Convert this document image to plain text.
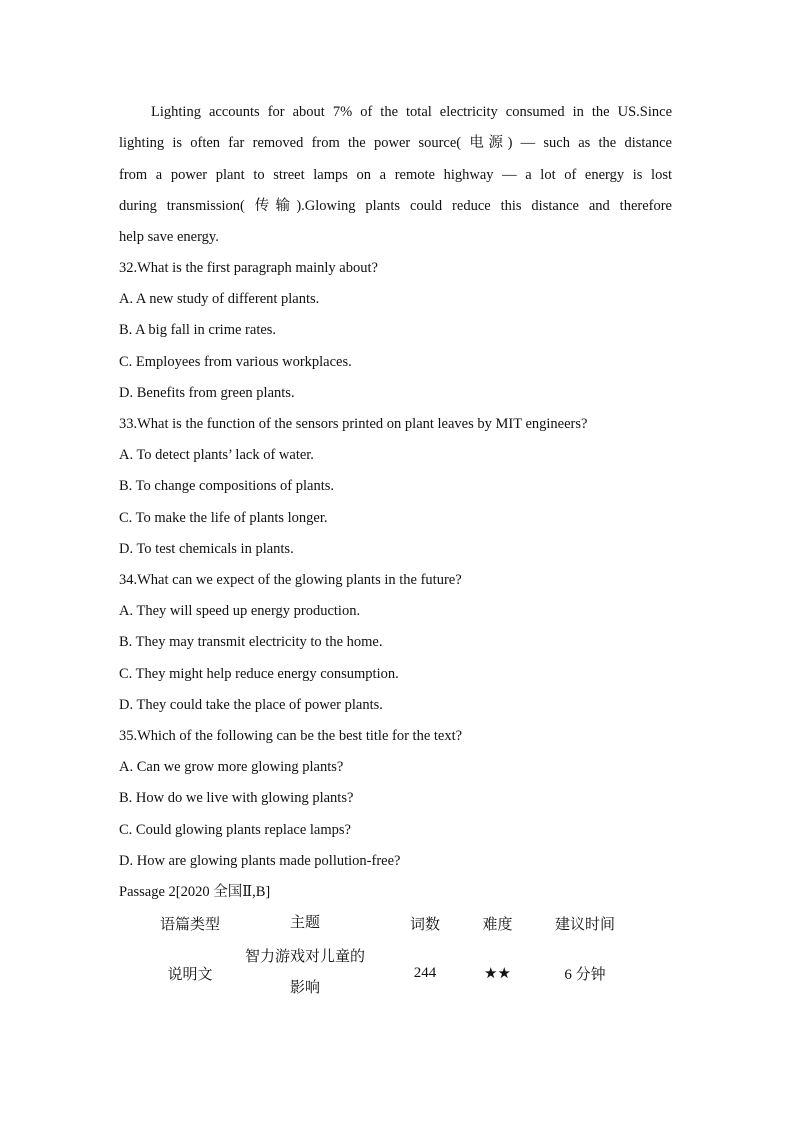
Lighting accounts for about 7% of the total electricity consumed in the US.Since
lighting is often far removed from the power source( 电源) — such as the distance
from a power plant to street lamps on a remote highway — a lot of energy is lost
during transmission( 传输).Glowing plants could reduce this distance and therefore
help save energy.
32.What is the first paragraph mainly about?
A. A new study of different plants.
B. A big fall in crime rates.
C. Employees from various workplaces.
D. Benefits from green plants.
33.What is the function of the sensors printed on plant leaves by MIT engineers?
A. To detect plants’ lack of water.
B. To change compositions of plants.
C. To make the life of plants longer.
D. To test chemicals in plants.
34.What can we expect of the glowing plants in the future?
A. They will speed up energy production.
B. They may transmit electricity to the home.
C. They might help reduce energy consumption.
D. They could take the place of power plants.
35.Which of the following can be the best title for the text?
A. Can we grow more glowing plants?
B. How do we live with glowing plants?
C. Could glowing plants replace lamps?
D. How are glowing plants made pollution-free?
Passage 2[2020 全国Ⅱ,B]
语篇类型	主题	词数	难度	建议时间
说明文	智力游戏对儿童的影响	244	★★	6 分钟
